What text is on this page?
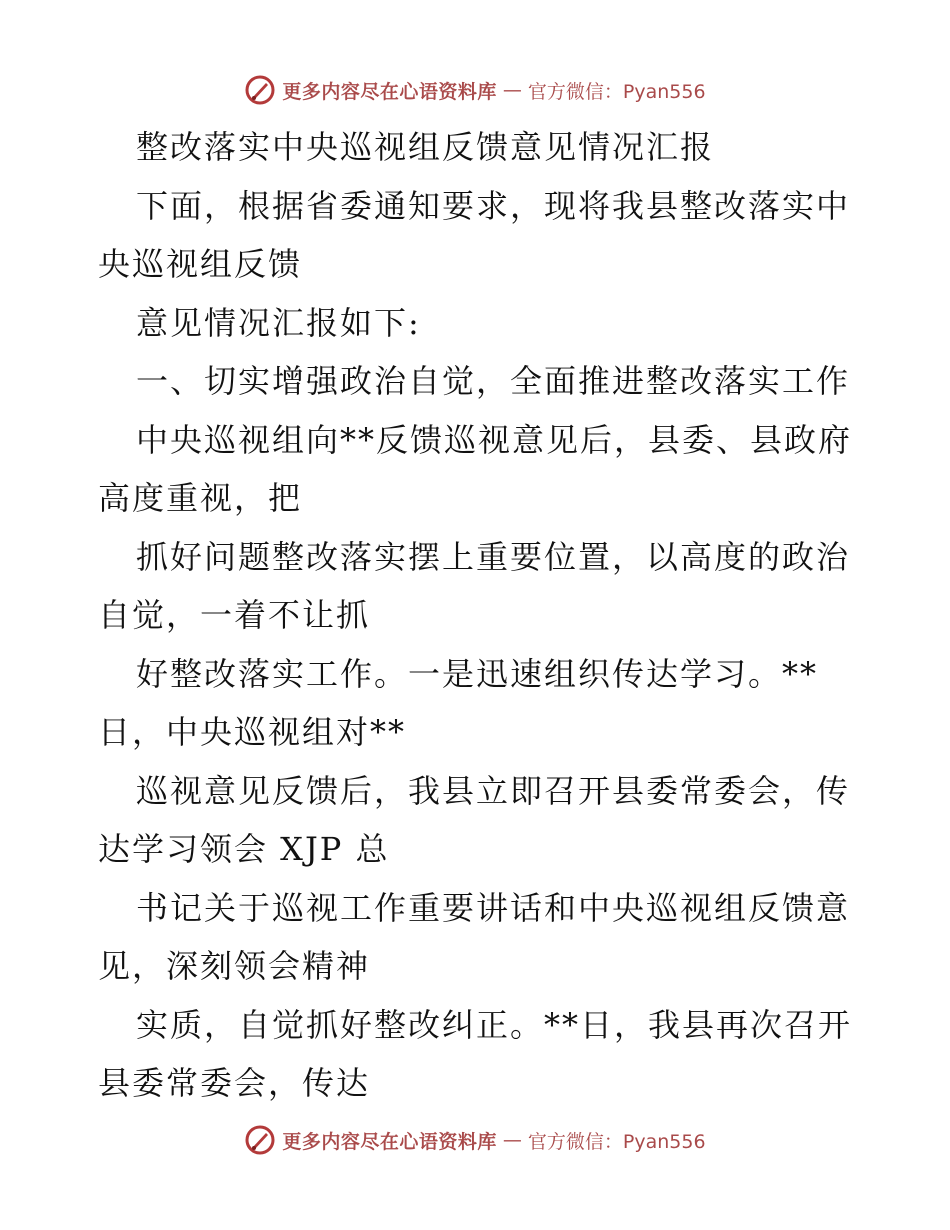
更多内容尽在心语资料库 — 官方微信：Pyan556
整改落实中央巡视组反馈意见情况汇报
下面，根据省委通知要求，现将我县整改落实中
央巡视组反馈
意见情况汇报如下:
一、切实增强政治自觉，全面推进整改落实工作
中央巡视组向**反馈巡视意见后，县委、县政府
高度重视，把
抓好问题整改落实摆上重要位置，以高度的政治
自觉，一着不让抓
好整改落实工作。一是迅速组织传达学习。**
日，中央巡视组对**
巡视意见反馈后，我县立即召开县委常委会，传
达学习领会 XJP 总
书记关于巡视工作重要讲话和中央巡视组反馈意
见，深刻领会精神
实质，自觉抓好整改纠正。**日，我县再次召开
县委常委会，传达
更多内容尽在心语资料库 — 官方微信：Pyan556
